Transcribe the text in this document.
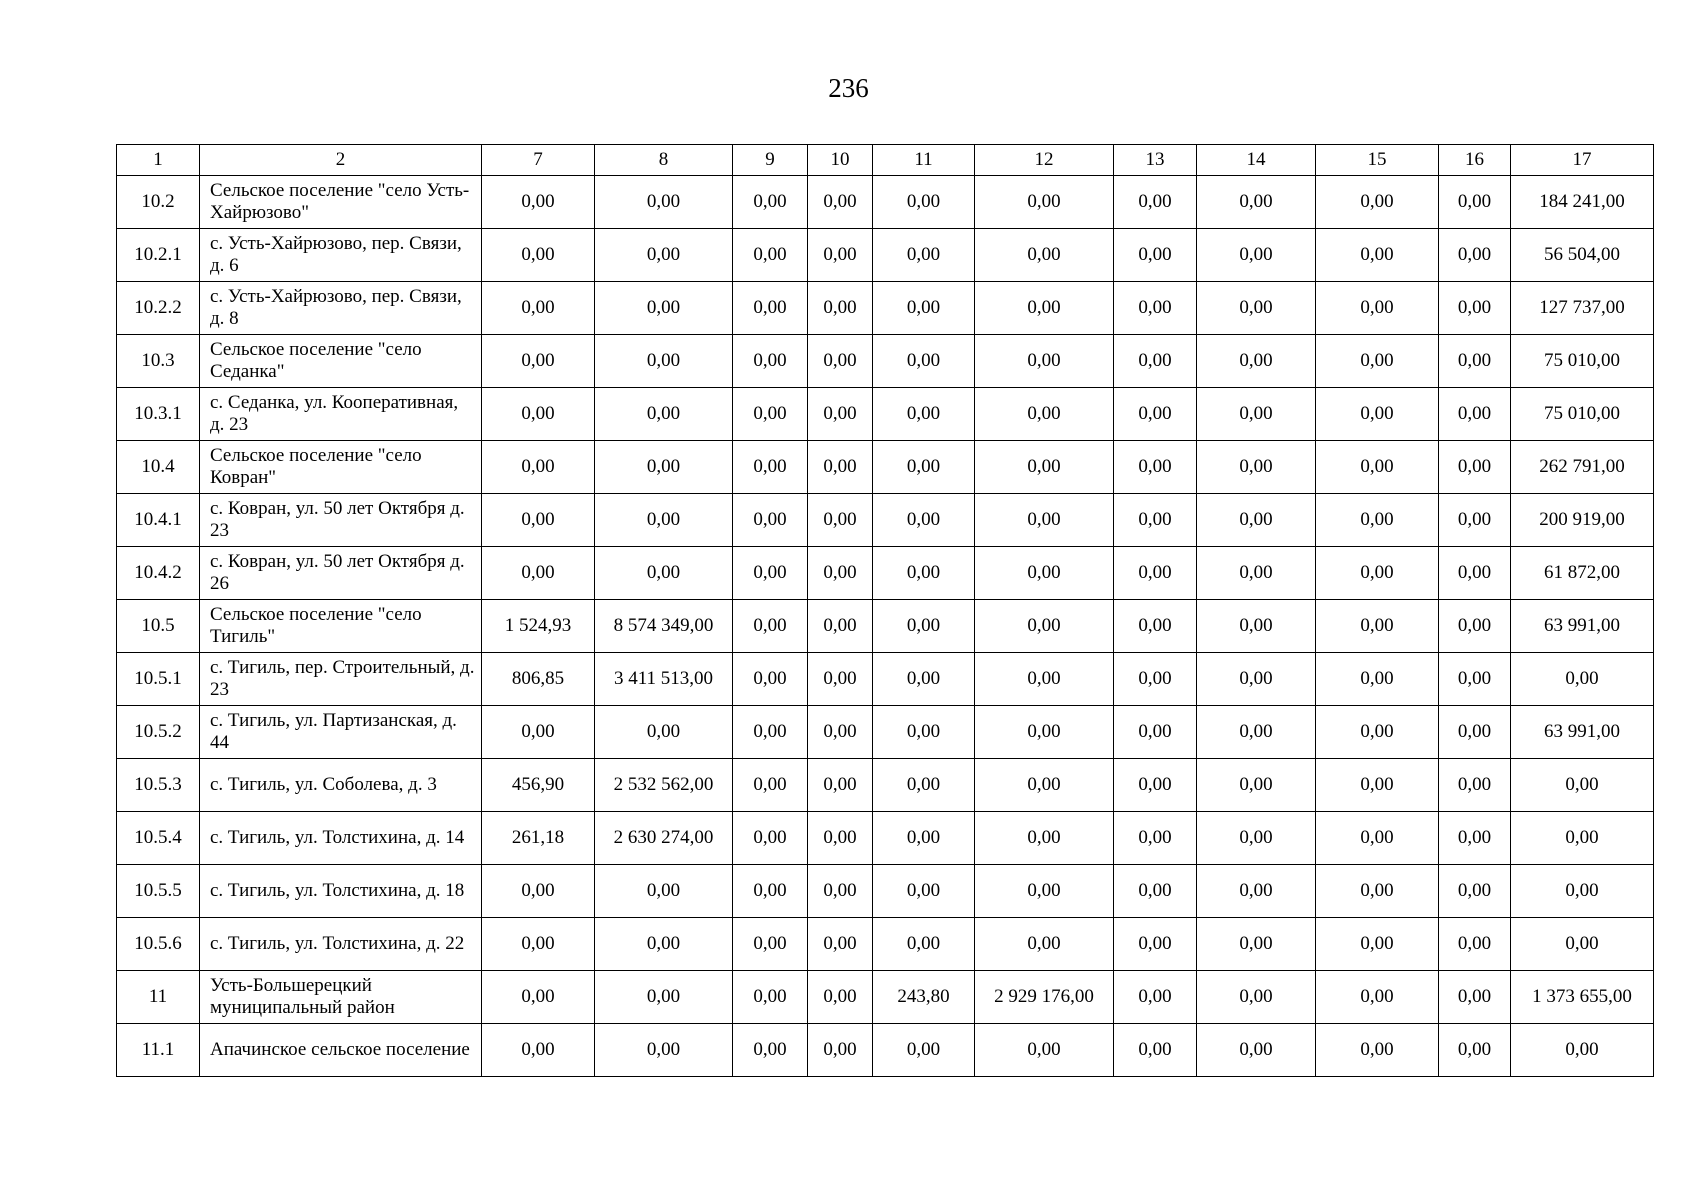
236
1	2	7	8	9	10	11	12	13	14	15	16	17
10.2	Сельское поселение "село Усть-Хайрюзово"	0,00	0,00	0,00	0,00	0,00	0,00	0,00	0,00	0,00	0,00	184 241,00
10.2.1	с. Усть-Хайрюзово, пер. Связи, д. 6	0,00	0,00	0,00	0,00	0,00	0,00	0,00	0,00	0,00	0,00	56 504,00
10.2.2	с. Усть-Хайрюзово, пер. Связи, д. 8	0,00	0,00	0,00	0,00	0,00	0,00	0,00	0,00	0,00	0,00	127 737,00
10.3	Сельское поселение "село Седанка"	0,00	0,00	0,00	0,00	0,00	0,00	0,00	0,00	0,00	0,00	75 010,00
10.3.1	с. Седанка, ул. Кооперативная, д. 23	0,00	0,00	0,00	0,00	0,00	0,00	0,00	0,00	0,00	0,00	75 010,00
10.4	Сельское поселение "село Ковран"	0,00	0,00	0,00	0,00	0,00	0,00	0,00	0,00	0,00	0,00	262 791,00
10.4.1	с. Ковран, ул. 50 лет Октября д. 23	0,00	0,00	0,00	0,00	0,00	0,00	0,00	0,00	0,00	0,00	200 919,00
10.4.2	с. Ковран, ул. 50 лет Октября д. 26	0,00	0,00	0,00	0,00	0,00	0,00	0,00	0,00	0,00	0,00	61 872,00
10.5	Сельское поселение "село Тигиль"	1 524,93	8 574 349,00	0,00	0,00	0,00	0,00	0,00	0,00	0,00	0,00	63 991,00
10.5.1	с. Тигиль, пер. Строительный, д. 23	806,85	3 411 513,00	0,00	0,00	0,00	0,00	0,00	0,00	0,00	0,00	0,00
10.5.2	с. Тигиль, ул. Партизанская, д. 44	0,00	0,00	0,00	0,00	0,00	0,00	0,00	0,00	0,00	0,00	63 991,00
10.5.3	с. Тигиль, ул. Соболева, д. 3	456,90	2 532 562,00	0,00	0,00	0,00	0,00	0,00	0,00	0,00	0,00	0,00
10.5.4	с. Тигиль, ул. Толстихина, д. 14	261,18	2 630 274,00	0,00	0,00	0,00	0,00	0,00	0,00	0,00	0,00	0,00
10.5.5	с. Тигиль, ул. Толстихина, д. 18	0,00	0,00	0,00	0,00	0,00	0,00	0,00	0,00	0,00	0,00	0,00
10.5.6	с. Тигиль, ул. Толстихина, д. 22	0,00	0,00	0,00	0,00	0,00	0,00	0,00	0,00	0,00	0,00	0,00
11	Усть-Большерецкий муниципальный район	0,00	0,00	0,00	0,00	243,80	2 929 176,00	0,00	0,00	0,00	0,00	1 373 655,00
11.1	Апачинское сельское поселение	0,00	0,00	0,00	0,00	0,00	0,00	0,00	0,00	0,00	0,00	0,00
